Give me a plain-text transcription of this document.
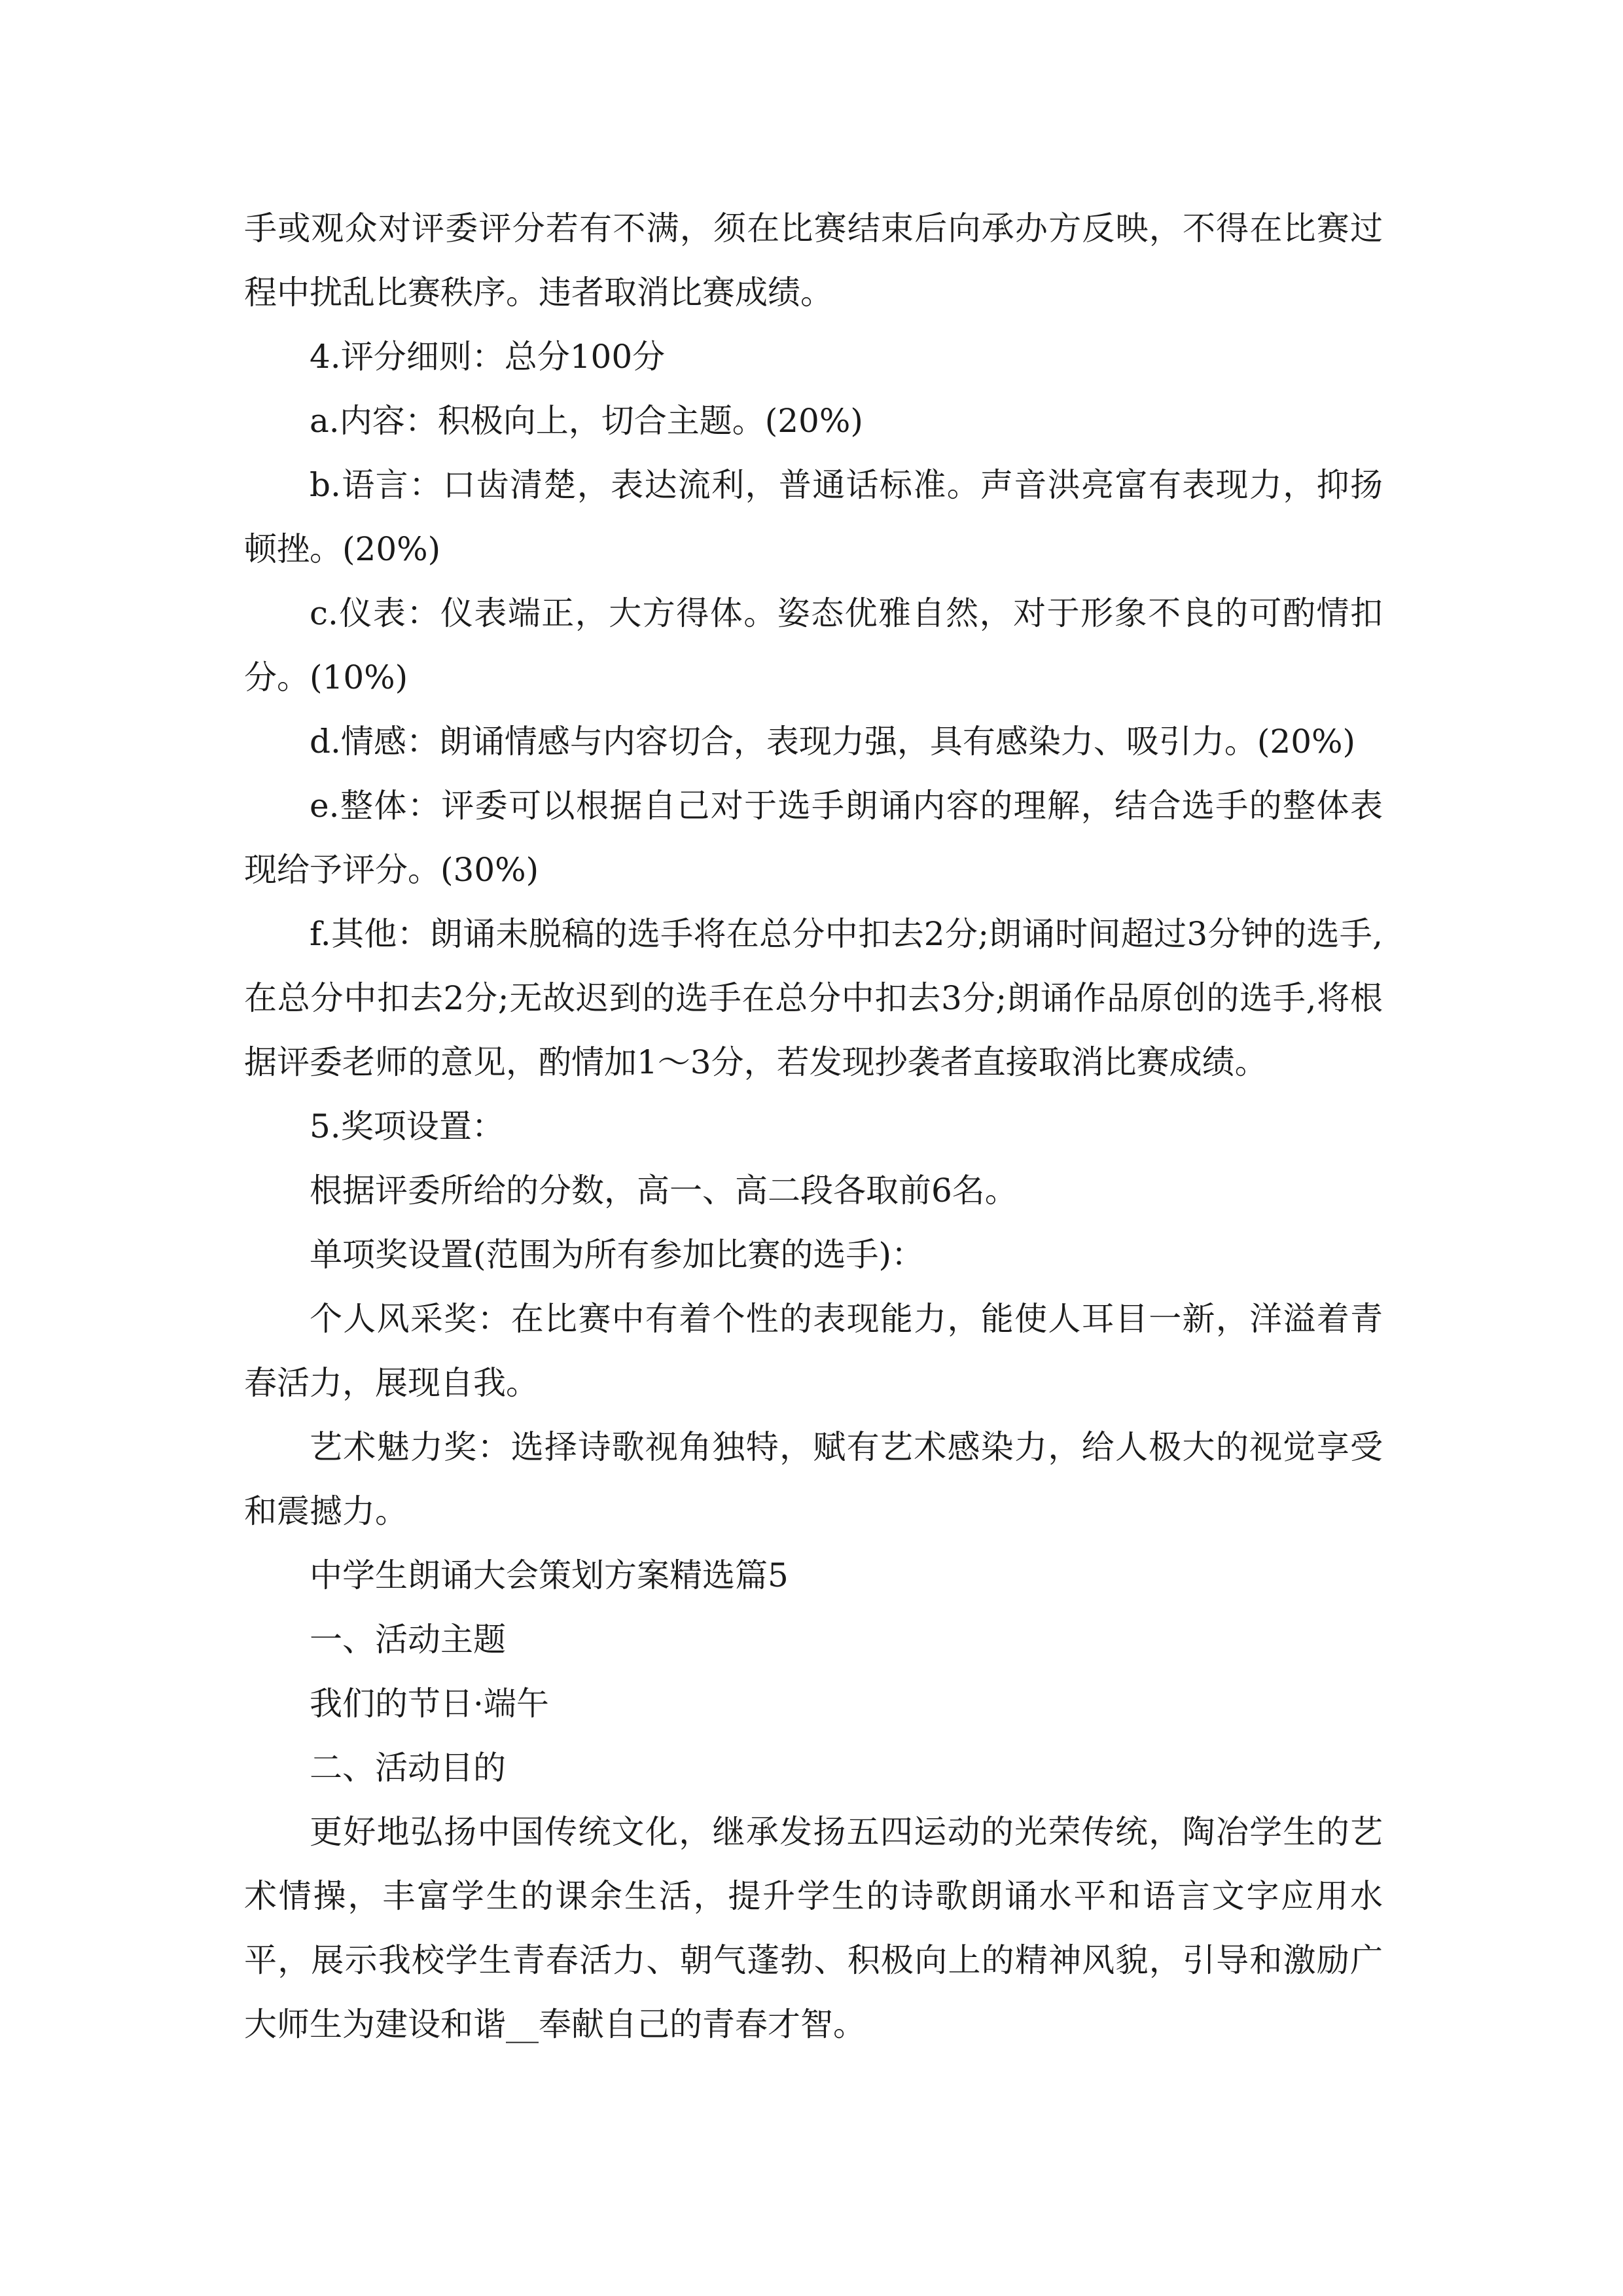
手或观众对评委评分若有不满，须在比赛结束后向承办方反映，不得在比赛过程中扰乱比赛秩序。违者取消比赛成绩。

4.评分细则：总分100分

a.内容：积极向上，切合主题。(20%)

b.语言：口齿清楚，表达流利，普通话标准。声音洪亮富有表现力，抑扬顿挫。(20%)

c.仪表：仪表端正，大方得体。姿态优雅自然，对于形象不良的可酌情扣分。(10%)

d.情感：朗诵情感与内容切合，表现力强，具有感染力、吸引力。(20%)

e.整体：评委可以根据自己对于选手朗诵内容的理解，结合选手的整体表现给予评分。(30%)

f.其他：朗诵未脱稿的选手将在总分中扣去2分;朗诵时间超过3分钟的选手,在总分中扣去2分;无故迟到的选手在总分中扣去3分;朗诵作品原创的选手,将根据评委老师的意见，酌情加1～3分，若发现抄袭者直接取消比赛成绩。

5.奖项设置：

根据评委所给的分数，高一、高二段各取前6名。

单项奖设置(范围为所有参加比赛的选手)：

个人风采奖：在比赛中有着个性的表现能力，能使人耳目一新，洋溢着青春活力，展现自我。

艺术魅力奖：选择诗歌视角独特，赋有艺术感染力，给人极大的视觉享受和震撼力。

中学生朗诵大会策划方案精选篇5

一、活动主题

我们的节日·端午

二、活动目的

更好地弘扬中国传统文化，继承发扬五四运动的光荣传统，陶冶学生的艺术情操，丰富学生的课余生活，提升学生的诗歌朗诵水平和语言文字应用水平，展示我校学生青春活力、朝气蓬勃、积极向上的精神风貌，引导和激励广大师生为建设和谐__奉献自己的青春才智。
